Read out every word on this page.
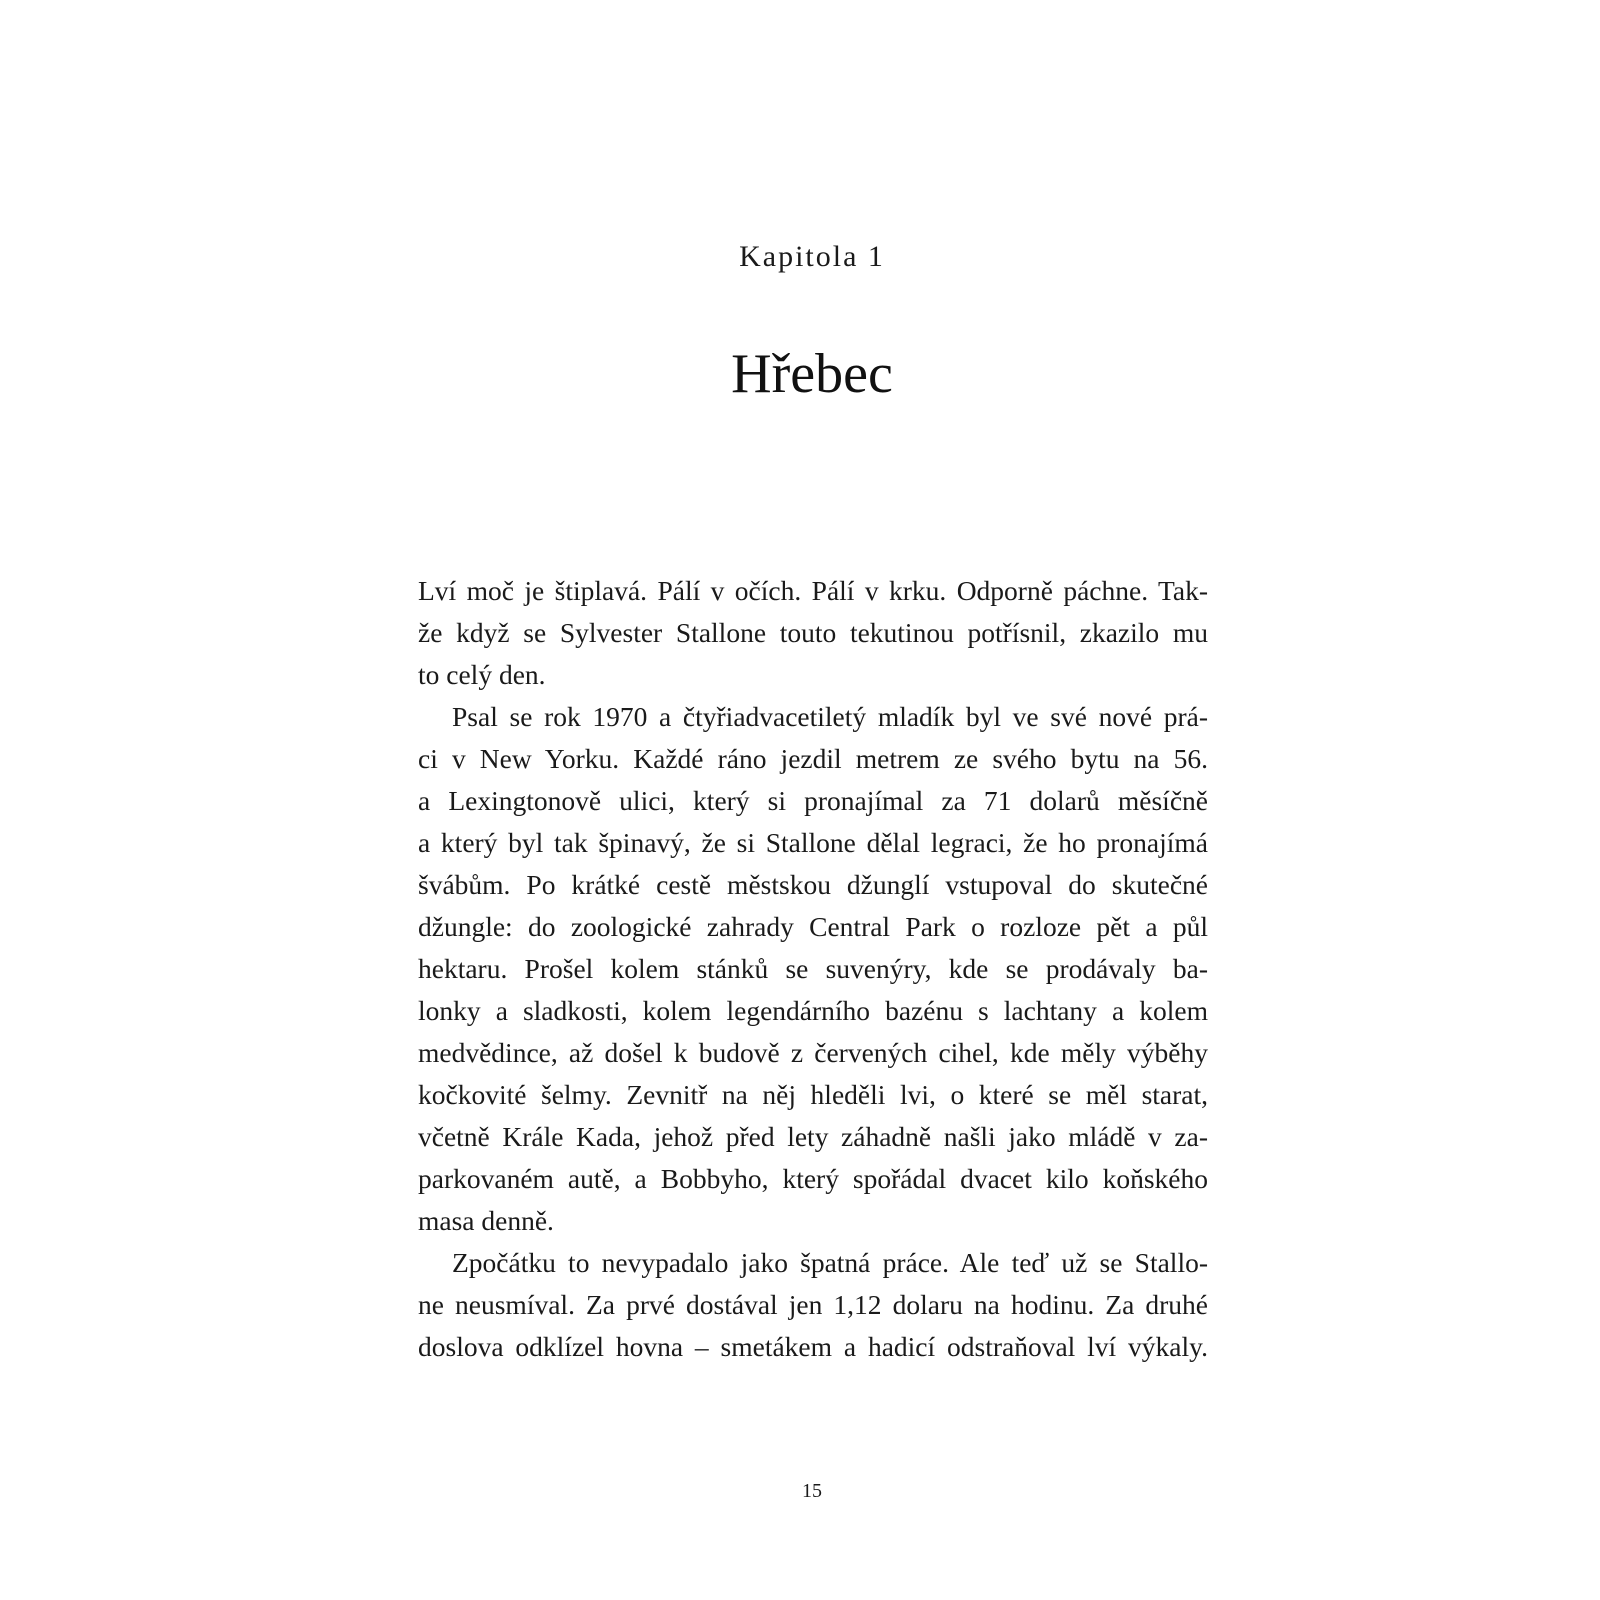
Kapitola 1
Hřebec
Lví moč je štiplavá. Pálí v očích. Pálí v krku. Odporně páchne. Tak-
že když se Sylvester Stallone touto tekutinou potřísnil, zkazilo mu
to celý den.
Psal se rok 1970 a čtyřiadvacetiletý mladík byl ve své nové prá-
ci v New Yorku. Každé ráno jezdil metrem ze svého bytu na 56.
a Lexingtonově ulici, který si pronajímal za 71 dolarů měsíčně
a který byl tak špinavý, že si Stallone dělal legraci, že ho pronajímá
švábům. Po krátké cestě městskou džunglí vstupoval do skutečné
džungle: do zoologické zahrady Central Park o rozloze pět a půl
hektaru. Prošel kolem stánků se suvenýry, kde se prodávaly ba-
lonky a sladkosti, kolem legendárního bazénu s lachtany a kolem
medvědince, až došel k budově z červených cihel, kde měly výběhy
kočkovité šelmy. Zevnitř na něj hleděli lvi, o které se měl starat,
včetně Krále Kada, jehož před lety záhadně našli jako mládě v za-
parkovaném autě, a Bobbyho, který spořádal dvacet kilo koňského
masa denně.
Zpočátku to nevypadalo jako špatná práce. Ale teď už se Stallo-
ne neusmíval. Za prvé dostával jen 1,12 dolaru na hodinu. Za druhé
doslova odklízel hovna – smetákem a hadicí odstraňoval lví výkaly.
15
